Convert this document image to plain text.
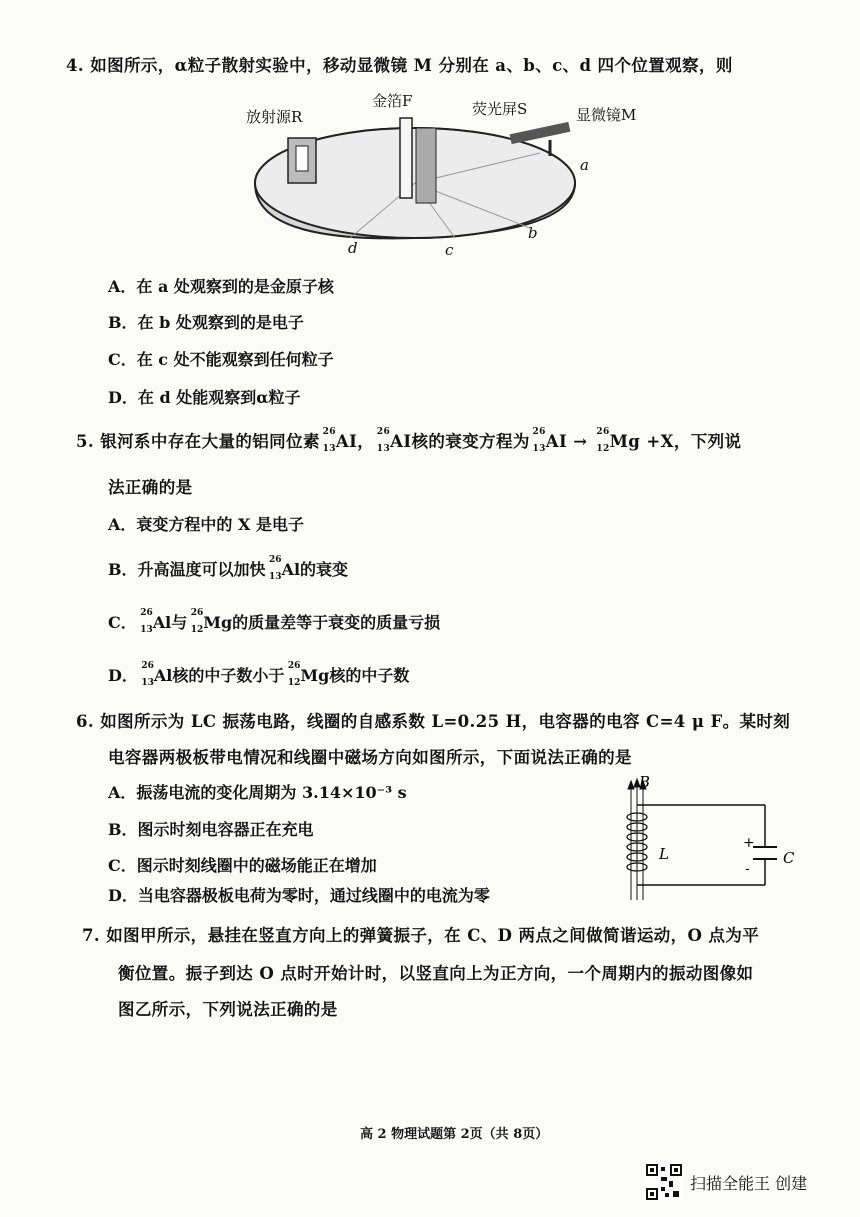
4. 如图所示，α粒子散射实验中，移动显微镜 M 分别在 a、b、c、d 四个位置观察，则
放射源R
金箔F	荧光屏S	显微镜M
a
b
c
d
A．在 a 处观察到的是金原子核
B．在 b 处观察到的是电子
C．在 c 处不能观察到任何粒子
D．在 d 处能观察到α粒子
5. 银河系中存在大量的铝同位素 26
13 AI， 26
13 AI核的衰变方程为 26
13 AI → 26
12 Mg +X，下列说
法正确的是
A．衰变方程中的 X 是电子
B．升高温度可以加快 26
13 Al的衰变
C． 26
13 Al与 26
12 Mg的质量差等于衰变的质量亏损
D． 26
13 Al核的中子数小于 26
12 Mg核的中子数
6. 如图所示为 LC 振荡电路，线圈的自感系数 L=0.25 H，电容器的电容 C=4 μ F。某时刻
电容器两极板带电情况和线圈中磁场方向如图所示，下面说法正确的是
A．振荡电流的变化周期为 3.14×10⁻³ s
B．图示时刻电容器正在充电
C．图示时刻线圈中的磁场能正在增加
D．当电容器极板电荷为零时，通过线圈中的电流为零
B
L	C
+
-
7. 如图甲所示，悬挂在竖直方向上的弹簧振子，在 C、D 两点之间做简谐运动，O 点为平
衡位置。振子到达 O 点时开始计时，以竖直向上为正方向，一个周期内的振动图像如
图乙所示，下列说法正确的是
高 2 物理试题第 2页（共 8页）
扫描全能王 创建
